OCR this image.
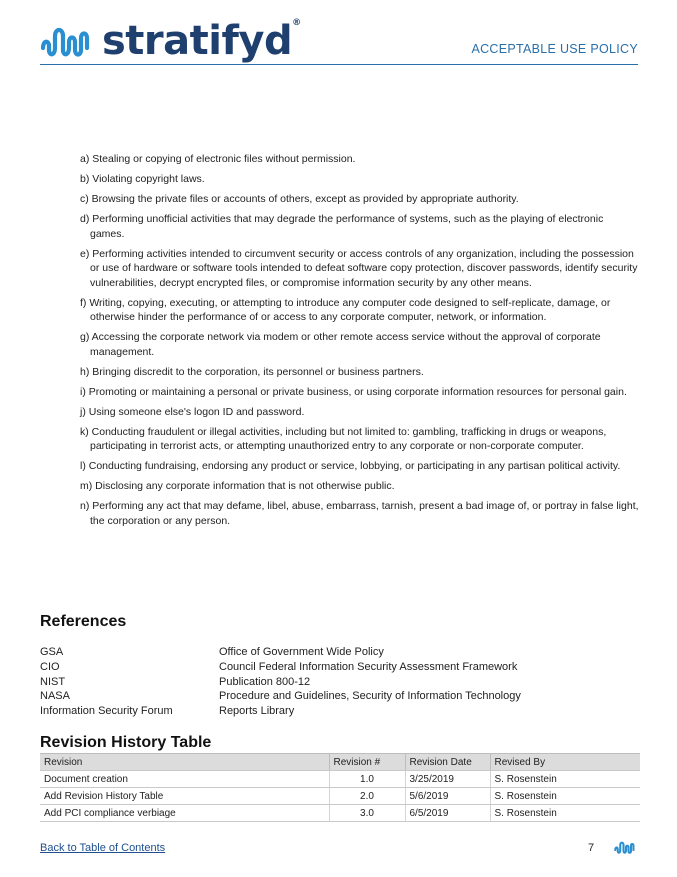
stratifyd®
ACCEPTABLE USE POLICY
a) Stealing or copying of electronic files without permission.
b) Violating copyright laws.
c) Browsing the private files or accounts of others, except as provided by appropriate authority.
d) Performing unofficial activities that may degrade the performance of systems, such as the playing of electronic games.
e) Performing activities intended to circumvent security or access controls of any organization, including the possession or use of hardware or software tools intended to defeat software copy protection, discover passwords, identify security vulnerabilities, decrypt encrypted files, or compromise information security by any other means.
f) Writing, copying, executing, or attempting to introduce any computer code designed to self-replicate, damage, or otherwise hinder the performance of or access to any corporate computer, network, or information.
g) Accessing the corporate network via modem or other remote access service without the approval of corporate management.
h) Bringing discredit to the corporation, its personnel or business partners.
i) Promoting or maintaining a personal or private business, or using corporate information resources for personal gain.
j) Using someone else's logon ID and password.
k) Conducting fraudulent or illegal activities, including but not limited to: gambling, trafficking in drugs or weapons, participating in terrorist acts, or attempting unauthorized entry to any corporate or non-corporate computer.
l) Conducting fundraising, endorsing any product or service, lobbying, or participating in any partisan political activity.
m) Disclosing any corporate information that is not otherwise public.
n) Performing any act that may defame, libel, abuse, embarrass, tarnish, present a bad image of, or portray in false light, the corporation or any person.
References
GSA	Office of Government Wide Policy
CIO	Council Federal Information Security Assessment Framework
NIST	Publication 800-12
NASA	Procedure and Guidelines, Security of Information Technology
Information Security Forum	Reports Library
Revision History Table
Revision	Revision #	Revision Date	Revised By
Document creation	1.0	3/25/2019	S. Rosenstein
Add Revision History Table	2.0	5/6/2019	S. Rosenstein
Add PCI compliance verbiage	3.0	6/5/2019	S. Rosenstein
Back to Table of Contents	7
